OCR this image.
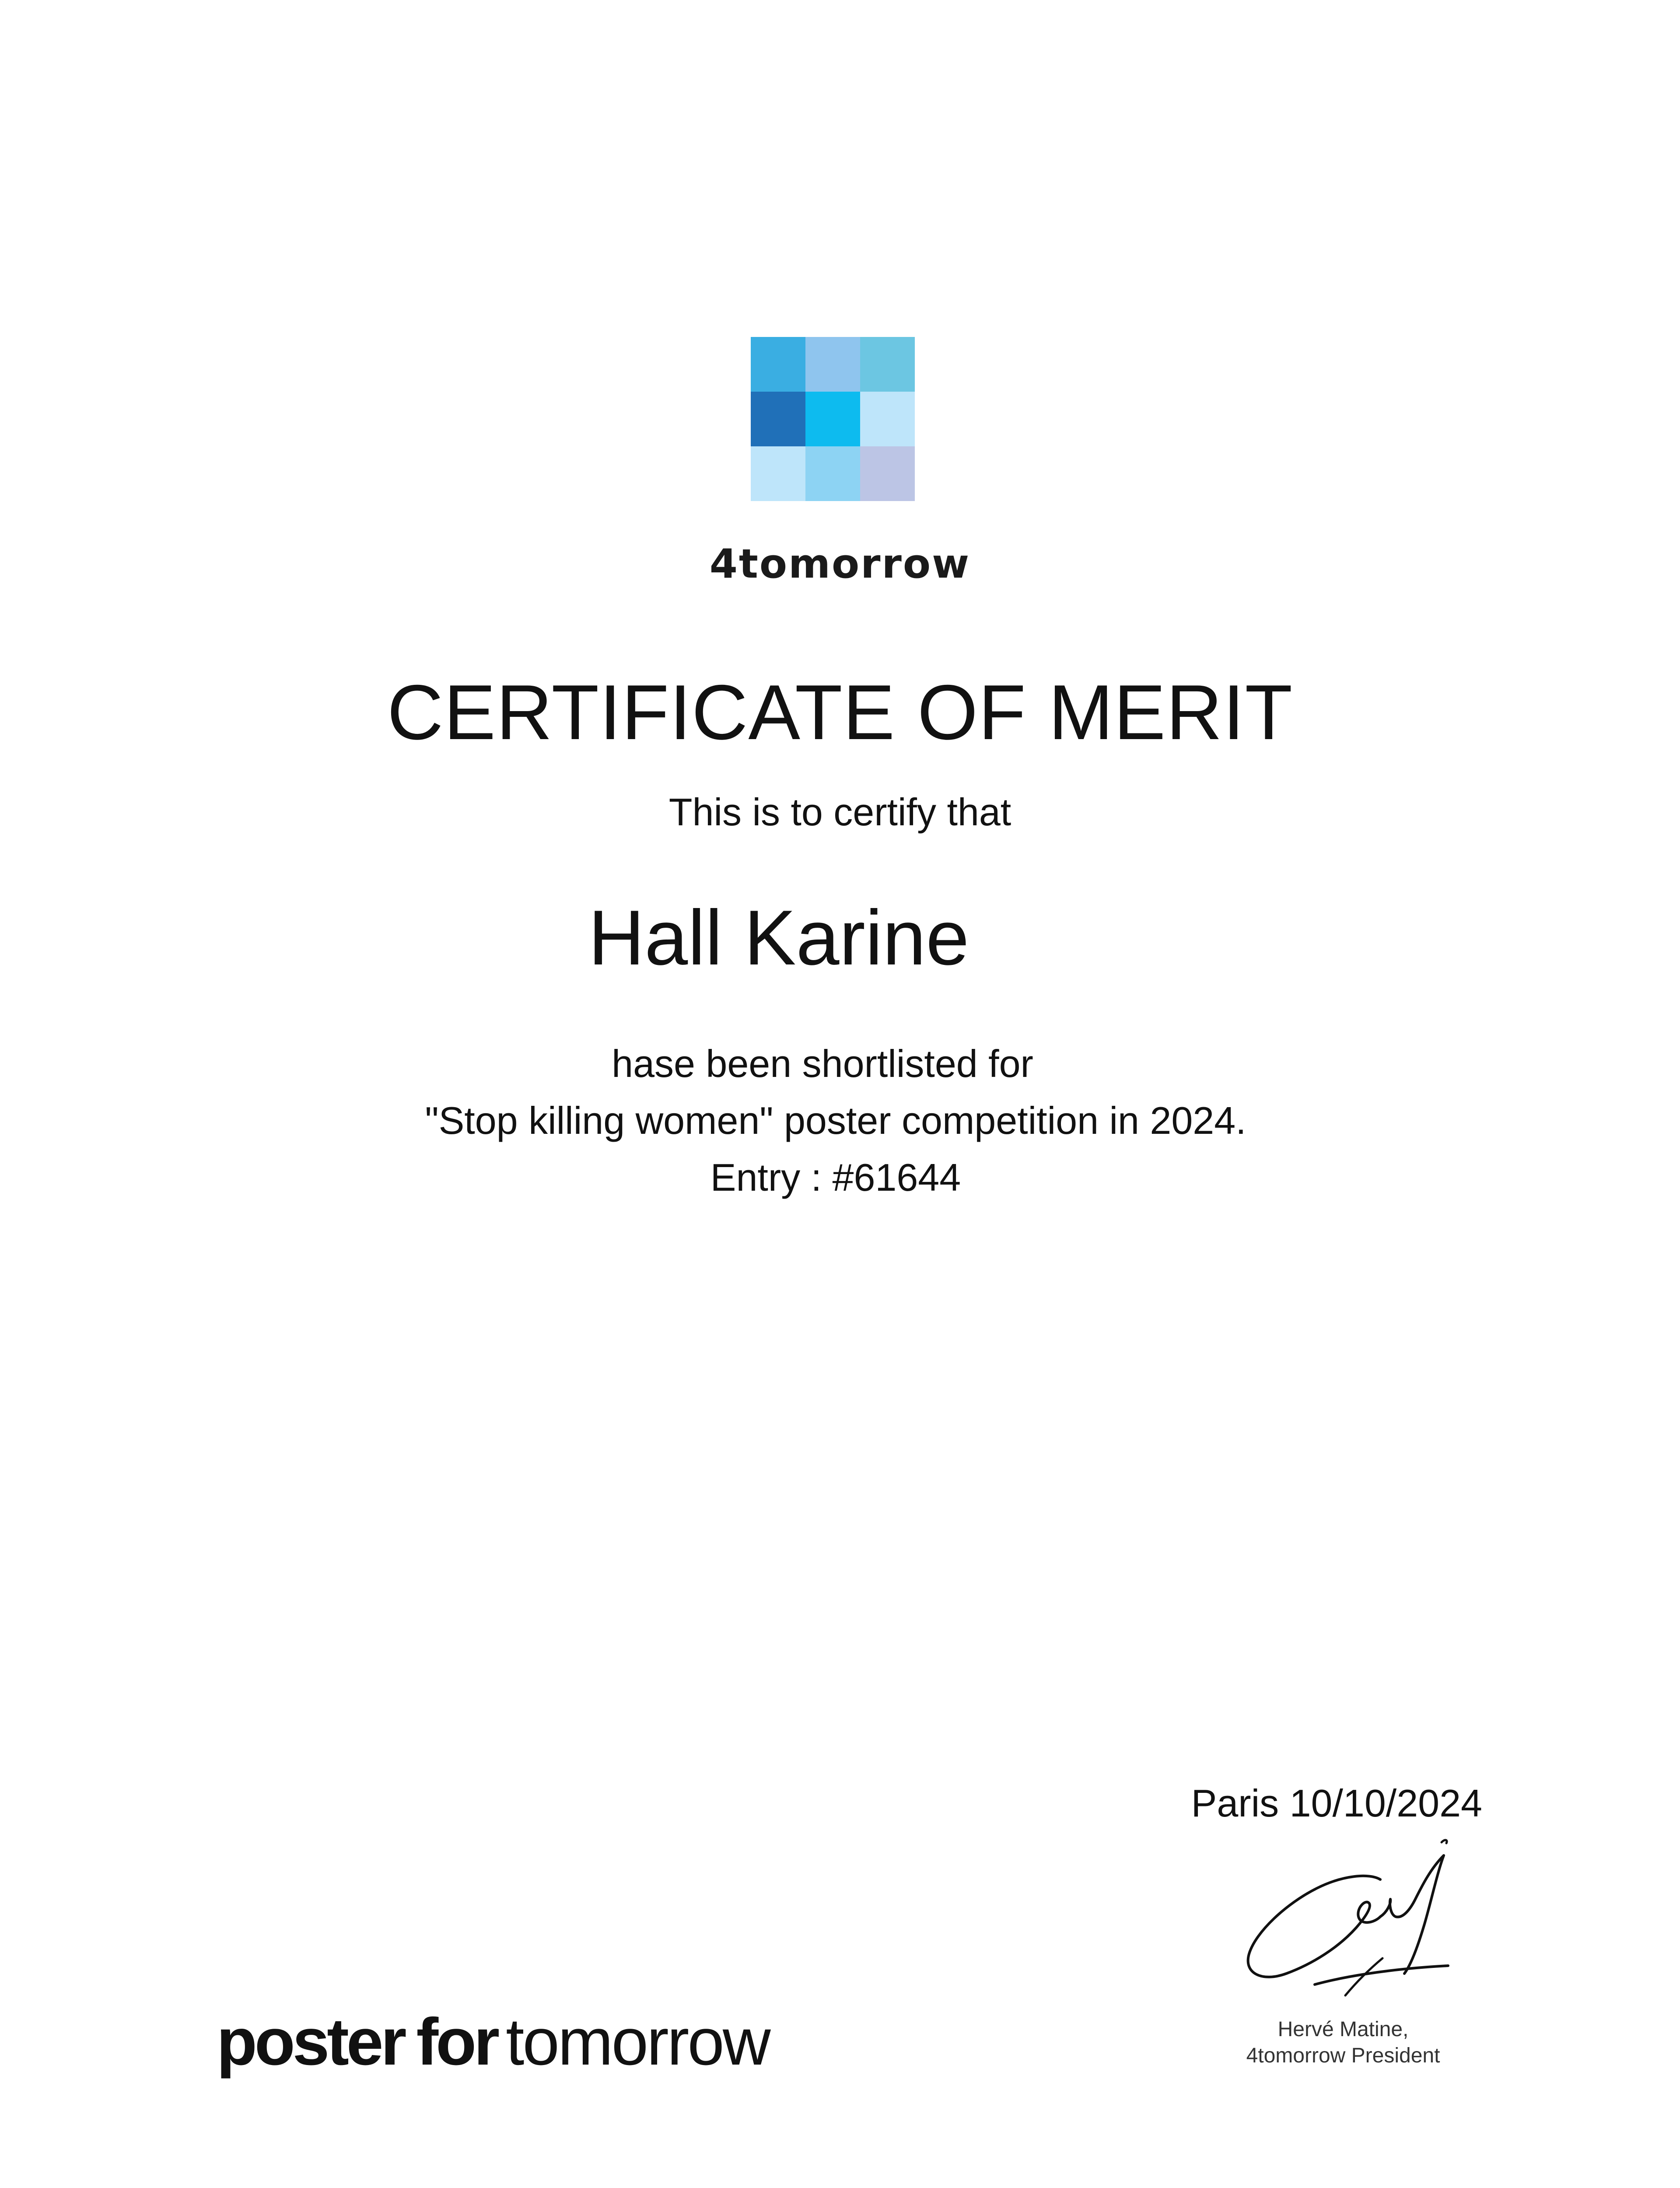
4tomorrow
CERTIFICATE OF MERIT
This is to certify that
Hall Karine
hase been shortlisted for
"Stop killing women" poster competition in 2024.
Entry : #61644
Paris 10/10/2024
Hervé Matine,
4tomorrow President
poster for tomorrow
